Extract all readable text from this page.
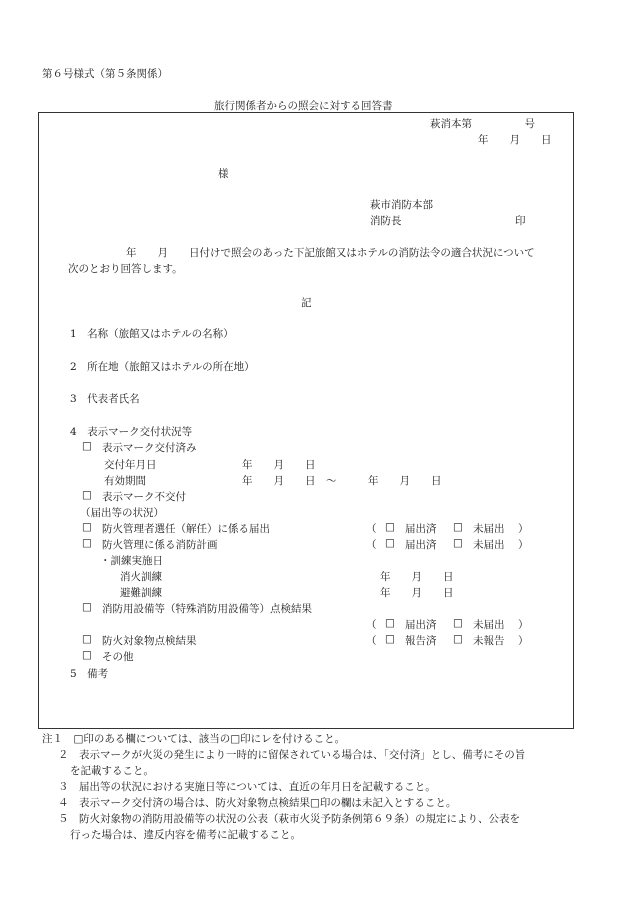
第６号様式（第５条関係）
旅行関係者からの照会に対する回答書
萩消本第　　　　　号
年　　月　　日
様
萩市消防本部
消防長	印
年　　月　　日付けで照会のあった下記旅館又はホテルの消防法令の適合状況について
次のとおり回答します。
記
1　名称（旅館又はホテルの名称）
2　所在地（旅館又はホテルの所在地）
3　代表者氏名
4　表示マーク交付状況等
□ 表示マーク交付済み
交付年月日	年　　月　　日
有効期間	年　　月　　日　～　　　年　　月　　日
□ 表示マーク不交付
（届出等の状況）
□ 防火管理者選任（解任）に係る届出	（ □ 届出済 □ 未届出 ）
□ 防火管理に係る消防計画	（ □ 届出済 □ 未届出 ）
・訓練実施日
消火訓練	年　　月　　日
避難訓練	年　　月　　日
□ 消防用設備等（特殊消防用設備等）点検結果
（ □ 届出済 □ 未届出 ）
□ 防火対象物点検結果	（ □ 報告済 □ 未報告 ）
□ その他
5　備考
注１　□印のある欄については、該当の□印にレを付けること。
２　表示マークが火災の発生により一時的に留保されている場合は、「交付済」とし、備考にその旨
を記載すること。
３　届出等の状況における実施日等については、直近の年月日を記載すること。
４　表示マーク交付済の場合は、防火対象物点検結果□印の欄は未記入とすること。
５　防火対象物の消防用設備等の状況の公表（萩市火災予防条例第６９条）の規定により、公表を
行った場合は、違反内容を備考に記載すること。
